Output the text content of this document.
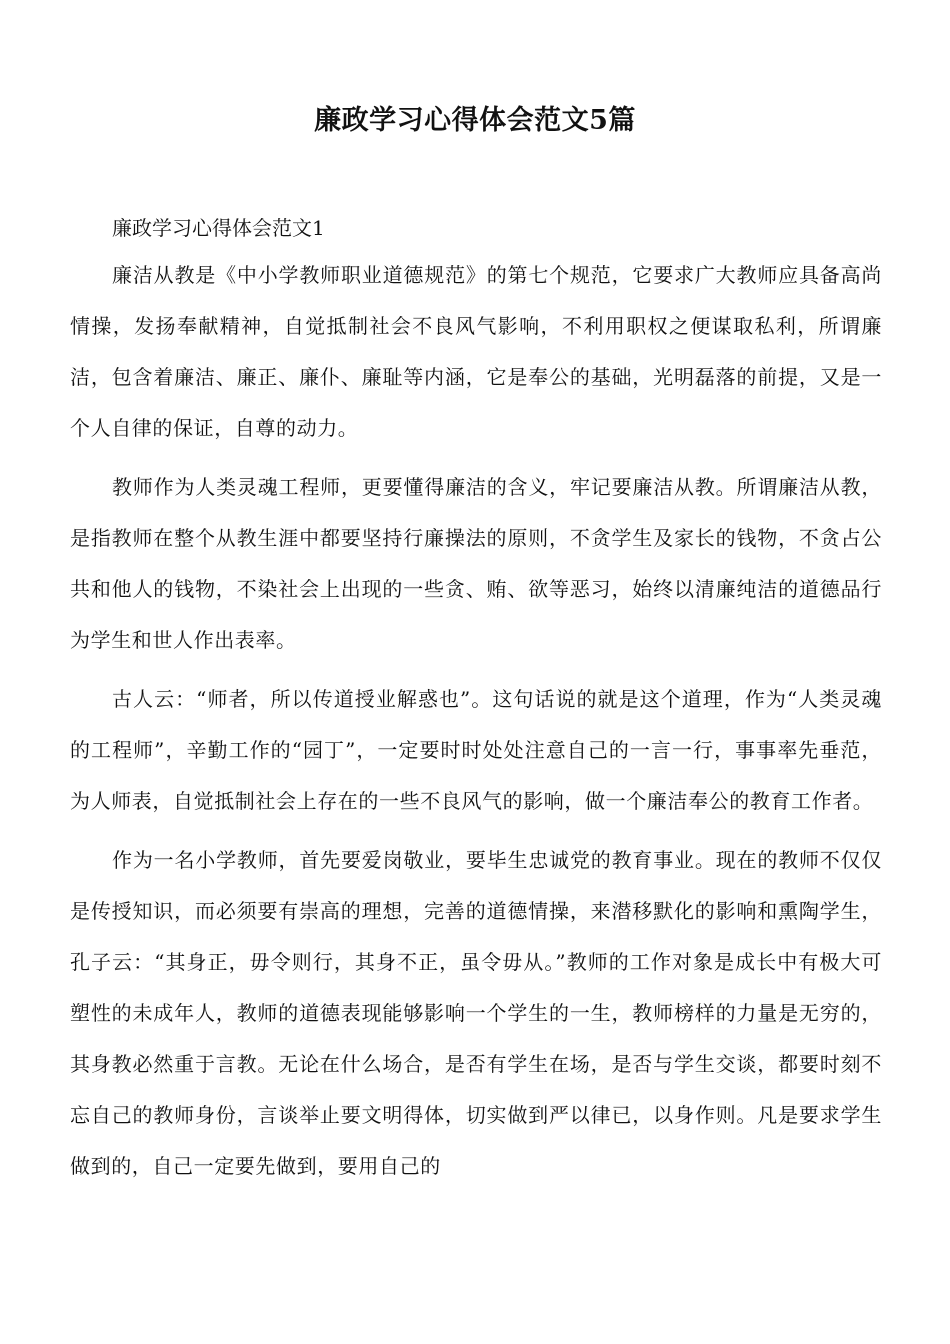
廉政学习心得体会范文5篇

廉政学习心得体会范文1

廉洁从教是《中小学教师职业道德规范》的第七个规范，它要求广大教师应具备高尚情操，发扬奉献精神，自觉抵制社会不良风气影响，不利用职权之便谋取私利，所谓廉洁，包含着廉洁、廉正、廉仆、廉耻等内涵，它是奉公的基础，光明磊落的前提，又是一个人自律的保证，自尊的动力。

教师作为人类灵魂工程师，更要懂得廉洁的含义，牢记要廉洁从教。所谓廉洁从教，是指教师在整个从教生涯中都要坚持行廉操法的原则，不贪学生及家长的钱物，不贪占公共和他人的钱物，不染社会上出现的一些贪、贿、欲等恶习，始终以清廉纯洁的道德品行为学生和世人作出表率。

古人云：“师者，所以传道授业解惑也”。这句话说的就是这个道理，作为“人类灵魂的工程师”，辛勤工作的“园丁”，一定要时时处处注意自己的一言一行，事事率先垂范，为人师表，自觉抵制社会上存在的一些不良风气的影响，做一个廉洁奉公的教育工作者。

作为一名小学教师，首先要爱岗敬业，要毕生忠诚党的教育事业。现在的教师不仅仅是传授知识，而必须要有崇高的理想，完善的道德情操，来潜移默化的影响和熏陶学生，孔子云：“其身正，毋令则行，其身不正，虽令毋从。”教师的工作对象是成长中有极大可塑性的未成年人，教师的道德表现能够影响一个学生的一生，教师榜样的力量是无穷的，其身教必然重于言教。无论在什么场合，是否有学生在场，是否与学生交谈，都要时刻不忘自己的教师身份，言谈举止要文明得体，切实做到严以律已，以身作则。凡是要求学生做到的，自己一定要先做到，要用自己的
